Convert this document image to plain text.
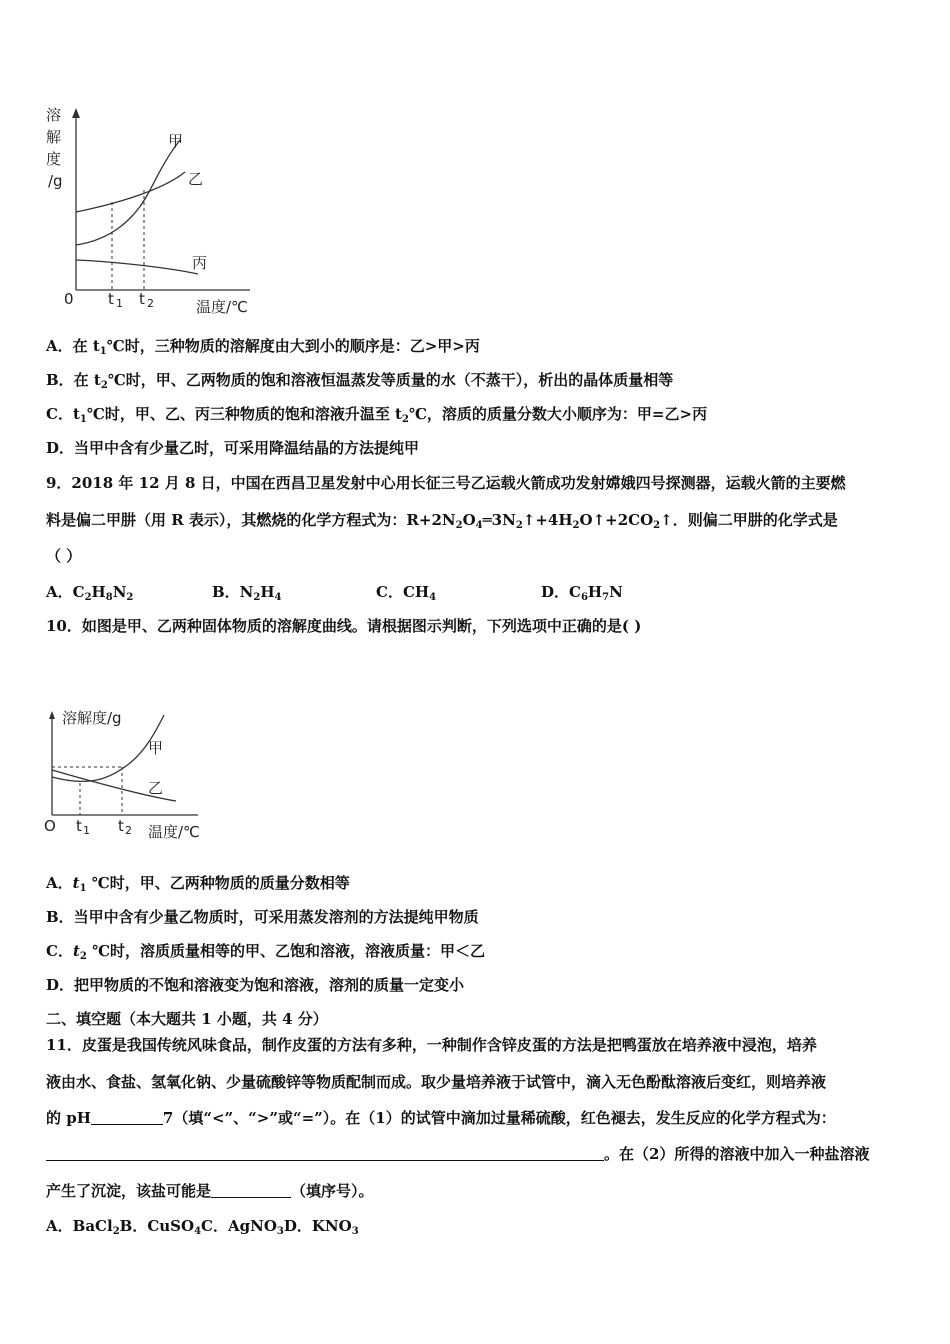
溶
解
度
/g
0 t 1 t 2	温度/℃
甲
乙
丙
A．在 $t_1℃$时，三种物质的溶解度由大到小的顺序是：乙>甲>丙
B．在 $t_2℃$时，甲、乙两物质的饱和溶液恒温蒸发等质量的水（不蒸干），析出的晶体质量相等
C．$t_1℃$时，甲、乙、丙三种物质的饱和溶液升温至 $t_2℃$，溶质的质量分数大小顺序为：甲=乙>丙
D．当甲中含有少量乙时，可采用降温结晶的方法提纯甲
9．2018 年 12 月 8 日，中国在西昌卫星发射中心用长征三号乙运载火箭成功发射嫦娥四号探测器，运载火箭的主要燃
料是偏二甲肼（用 R 表示），其燃烧的化学方程式为：$R+2N_2O_4═3N_2↑+4H_2O↑+2CO_2↑$．则偏二甲肼的化学式是
（ ）
A．$C_2H_8N_2$	B．$N_2H_4$	C．$CH_4$	D．$C_6H_7N$
10．如图是甲、乙两种固体物质的溶解度曲线。请根据图示判断，下列选项中正确的是( )
溶解度/g
甲
乙
O t 1 t 2 温度/℃
A．$t_1$ ℃时，甲、乙两种物质的质量分数相等
B．当甲中含有少量乙物质时，可采用蒸发溶剂的方法提纯甲物质
C．$t_2$ ℃时，溶质质量相等的甲、乙饱和溶液，溶液质量：甲＜乙
D．把甲物质的不饱和溶液变为饱和溶液，溶剂的质量一定变小
二、填空题（本大题共 1 小题，共 4 分）
11．皮蛋是我国传统风味食品，制作皮蛋的方法有多种，一种制作含锌皮蛋的方法是把鸭蛋放在培养液中浸泡，培养
液由水、食盐、氢氧化钠、少量硫酸锌等物质配制而成。取少量培养液于试管中，滴入无色酚酞溶液后变红，则培养液
的 pH	7（填“<”、“>”或“=”）。在（1）的试管中滴加过量稀硫酸，红色褪去，发生反应的化学方程式为：
。在（2）所得的溶液中加入一种盐溶液
产生了沉淀，该盐可能是	（填序号）。
A．BaCl$_2$B．CuSO$_4$C．AgNO$_3$D．$KNO_3$
